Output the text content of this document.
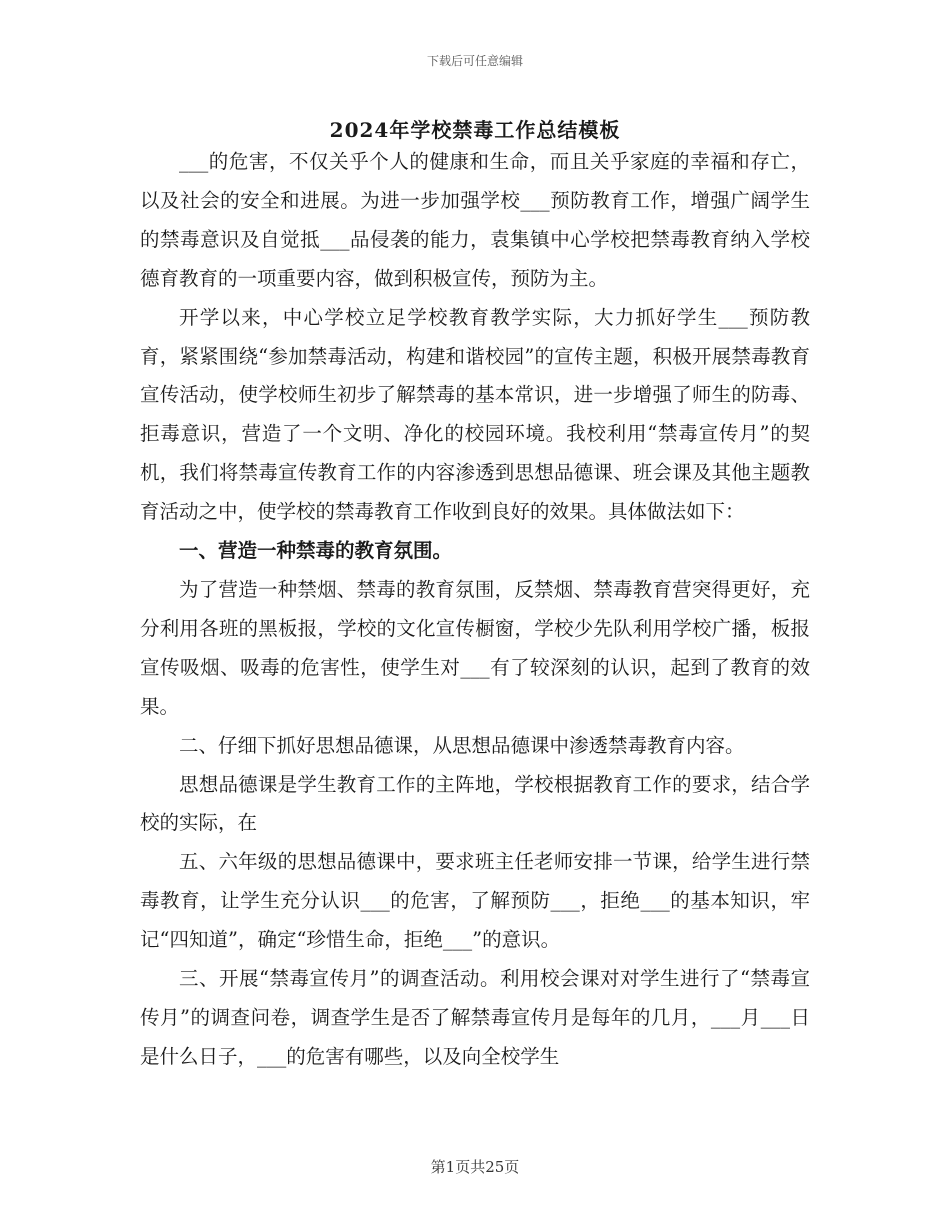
下载后可任意编辑
2024年学校禁毒工作总结模板

___的危害，不仅关乎个人的健康和生命，而且关乎家庭的幸福和存亡，以及社会的安全和进展。为进一步加强学校___预防教育工作，增强广阔学生的禁毒意识及自觉抵___品侵袭的能力，袁集镇中心学校把禁毒教育纳入学校德育教育的一项重要内容，做到积极宣传，预防为主。

开学以来，中心学校立足学校教育教学实际，大力抓好学生___预防教育，紧紧围绕“参加禁毒活动，构建和谐校园”的宣传主题，积极开展禁毒教育宣传活动，使学校师生初步了解禁毒的基本常识，进一步增强了师生的防毒、拒毒意识，营造了一个文明、净化的校园环境。我校利用“禁毒宣传月”的契机，我们将禁毒宣传教育工作的内容渗透到思想品德课、班会课及其他主题教育活动之中，使学校的禁毒教育工作收到良好的效果。具体做法如下：

一、营造一种禁毒的教育氛围。

为了营造一种禁烟、禁毒的教育氛围，反禁烟、禁毒教育营突得更好，充分利用各班的黑板报，学校的文化宣传橱窗，学校少先队利用学校广播，板报宣传吸烟、吸毒的危害性，使学生对___有了较深刻的认识，起到了教育的效果。

二、仔细下抓好思想品德课，从思想品德课中渗透禁毒教育内容。

思想品德课是学生教育工作的主阵地，学校根据教育工作的要求，结合学校的实际，在

五、六年级的思想品德课中，要求班主任老师安排一节课，给学生进行禁毒教育，让学生充分认识___的危害，了解预防___，拒绝___的基本知识，牢记“四知道”，确定“珍惜生命，拒绝___”的意识。

三、开展“禁毒宣传月”的调查活动。利用校会课对对学生进行了“禁毒宣传月”的调查问卷，调查学生是否了解禁毒宣传月是每年的几月，___月___日是什么日子，___的危害有哪些，以及向全校学生

第1页共25页
